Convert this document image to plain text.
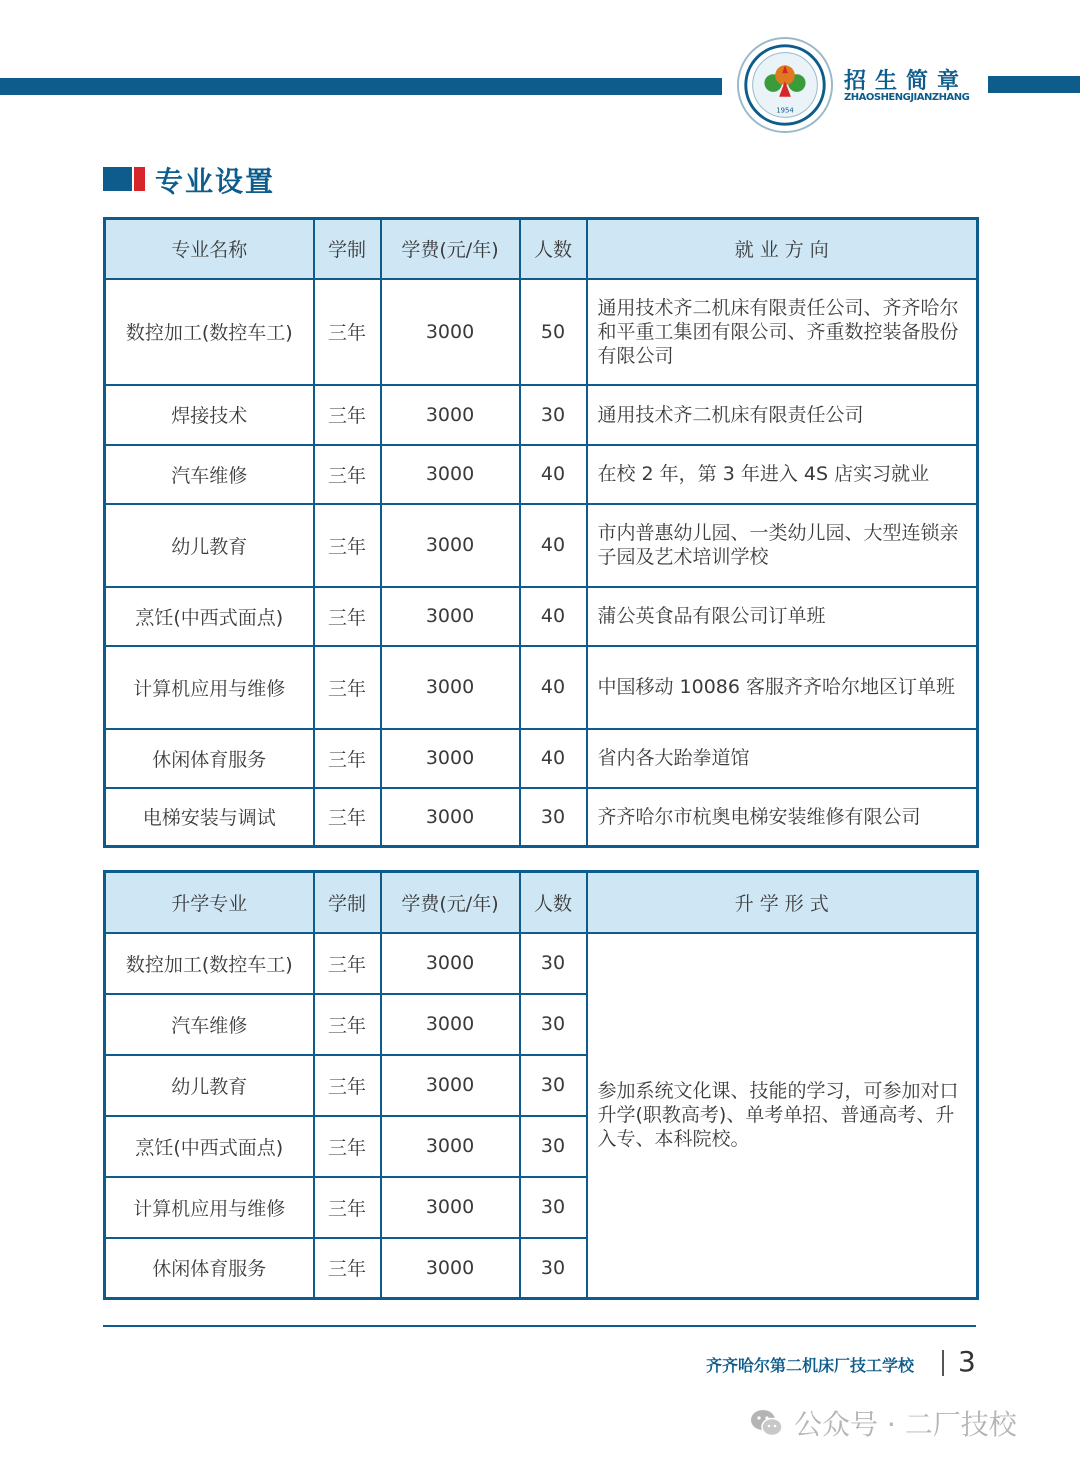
1954
招生简章
ZHAOSHENGJIANZHANG
专业设置
专业名称	学制	学费(元/年)	人数	就 业 方 向
数控加工(数控车工)	三年	3000	50	通用技术齐二机床有限责任公司、齐齐哈尔和平重工集团有限公司、齐重数控装备股份有限公司
焊接技术	三年	3000	30	通用技术齐二机床有限责任公司
汽车维修	三年	3000	40	在校 2 年，第 3 年进入 4S 店实习就业
幼儿教育	三年	3000	40	市内普惠幼儿园、一类幼儿园、大型连锁亲子园及艺术培训学校
烹饪(中西式面点)	三年	3000	40	蒲公英食品有限公司订单班
计算机应用与维修	三年	3000	40	中国移动 10086 客服齐齐哈尔地区订单班
休闲体育服务	三年	3000	40	省内各大跆拳道馆
电梯安装与调试	三年	3000	30	齐齐哈尔市杭奥电梯安装维修有限公司
升学专业	学制	学费(元/年)	人数	升 学 形 式
数控加工(数控车工)	三年	3000	30	参加系统文化课、技能的学习，可参加对口升学(职教高考)、单考单招、普通高考、升入专、本科院校。
汽车维修	三年	3000	30	
幼儿教育	三年	3000	30	
烹饪(中西式面点)	三年	3000	30	
计算机应用与维修	三年	3000	30	
休闲体育服务	三年	3000	30	
齐齐哈尔第二机床厂技工学校 3
公众号 · 二厂技校
